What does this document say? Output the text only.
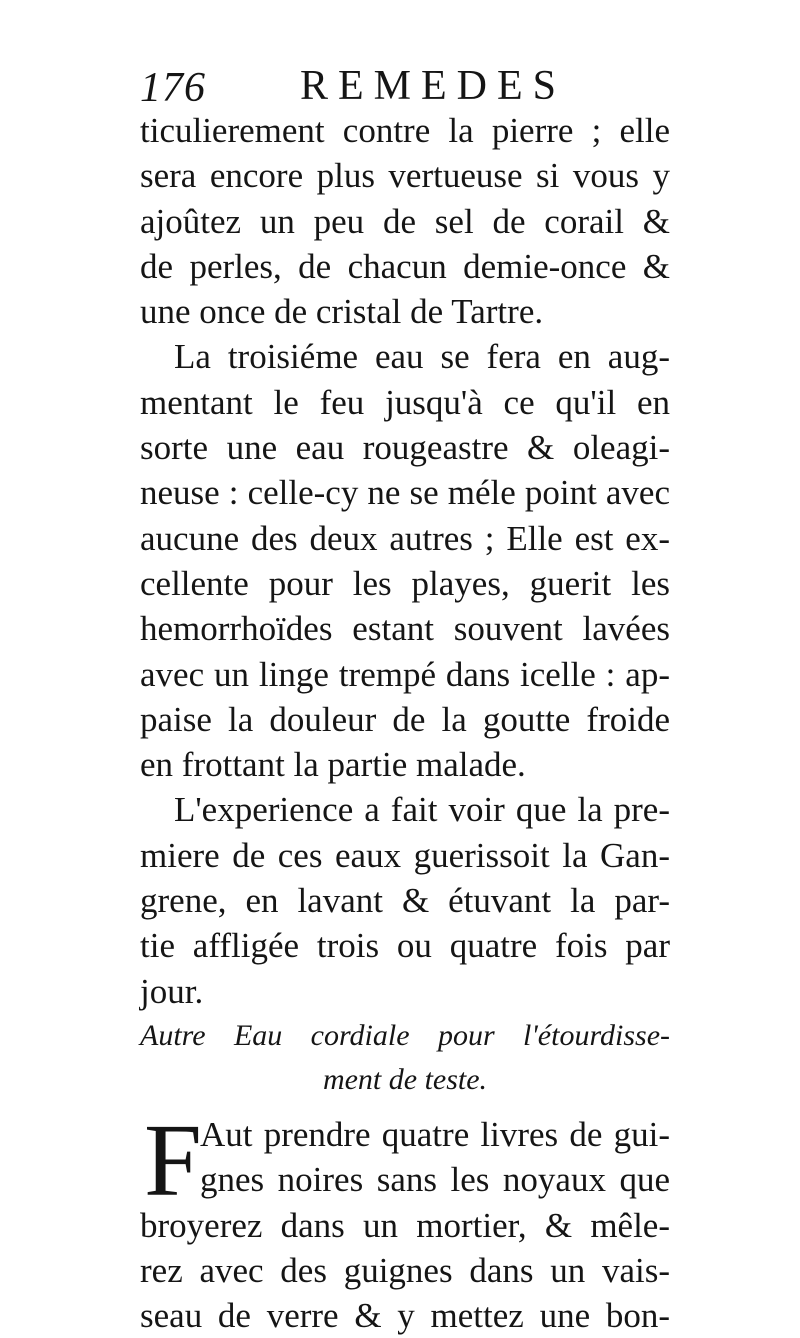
176 REMEDES
ticulierement contre la pierre ; elle
sera encore plus vertueuse si vous y
ajoûtez un peu de sel de corail &
de perles, de chacun demie-once &
une once de cristal de Tartre.
La troisiéme eau se fera en aug-
mentant le feu jusqu'à ce qu'il en
sorte une eau rougeastre & oleagi-
neuse : celle-cy ne se méle point avec
aucune des deux autres ; Elle est ex-
cellente pour les playes, guerit les
hemorrhoïdes estant souvent lavées
avec un linge trempé dans icelle : ap-
paise la douleur de la goutte froide
en frottant la partie malade.
L'experience a fait voir que la pre-
miere de ces eaux guerissoit la Gan-
grene, en lavant & étuvant la par-
tie affligée trois ou quatre fois par
jour.
Autre Eau cordiale pour l'étourdisse-
ment de teste.
F
Aut prendre quatre livres de gui-
gnes noires sans les noyaux que
broyerez dans un mortier, & mêle-
rez avec des guignes dans un vais-
seau de verre & y mettez une bon-
